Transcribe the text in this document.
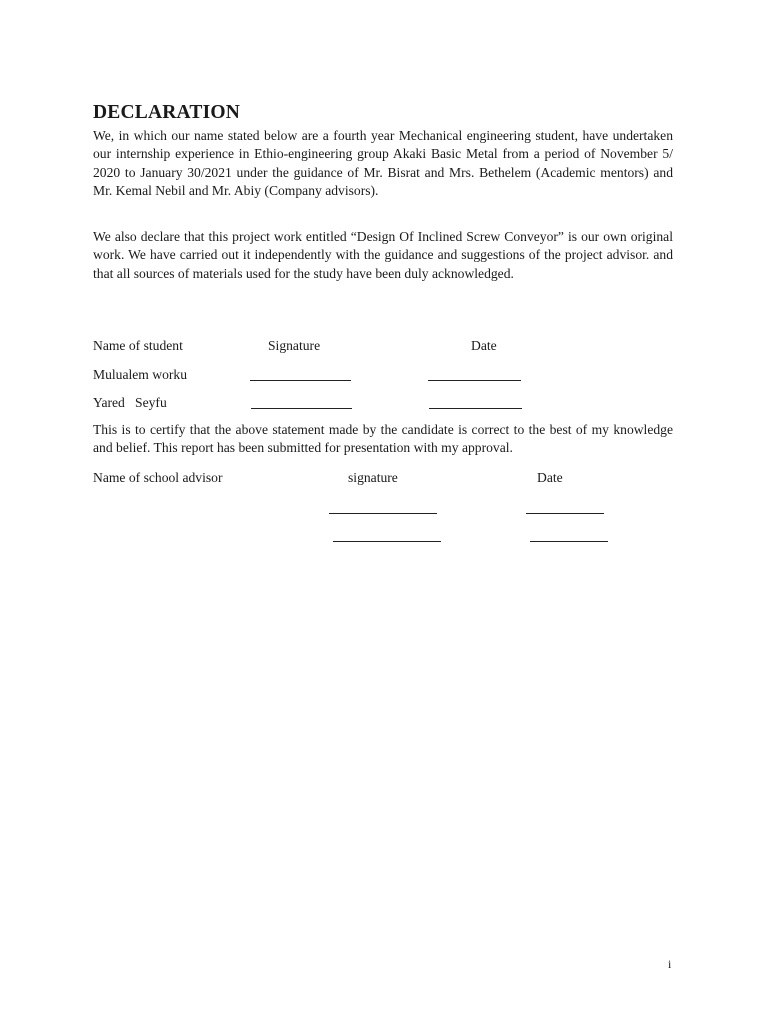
DECLARATION

We, in which our name stated below are a fourth year Mechanical engineering student, have undertaken our internship experience in Ethio-engineering group Akaki Basic Metal from a period of November 5/ 2020 to January 30/2021 under the guidance of Mr. Bisrat and Mrs. Bethelem (Academic mentors) and Mr. Kemal Nebil and Mr. Abiy (Company advisors).

We also declare that this project work entitled “Design Of Inclined Screw Conveyor” is our own original work. We have carried out it independently with the guidance and suggestions of the project advisor. and that all sources of materials used for the study have been duly acknowledged.

Name of student	Signature	Date
Mulualem worku
Yared   Seyfu

This is to certify that the above statement made by the candidate is correct to the best of my knowledge and belief. This report has been submitted for presentation with my approval.

Name of school advisor	signature	Date
i
